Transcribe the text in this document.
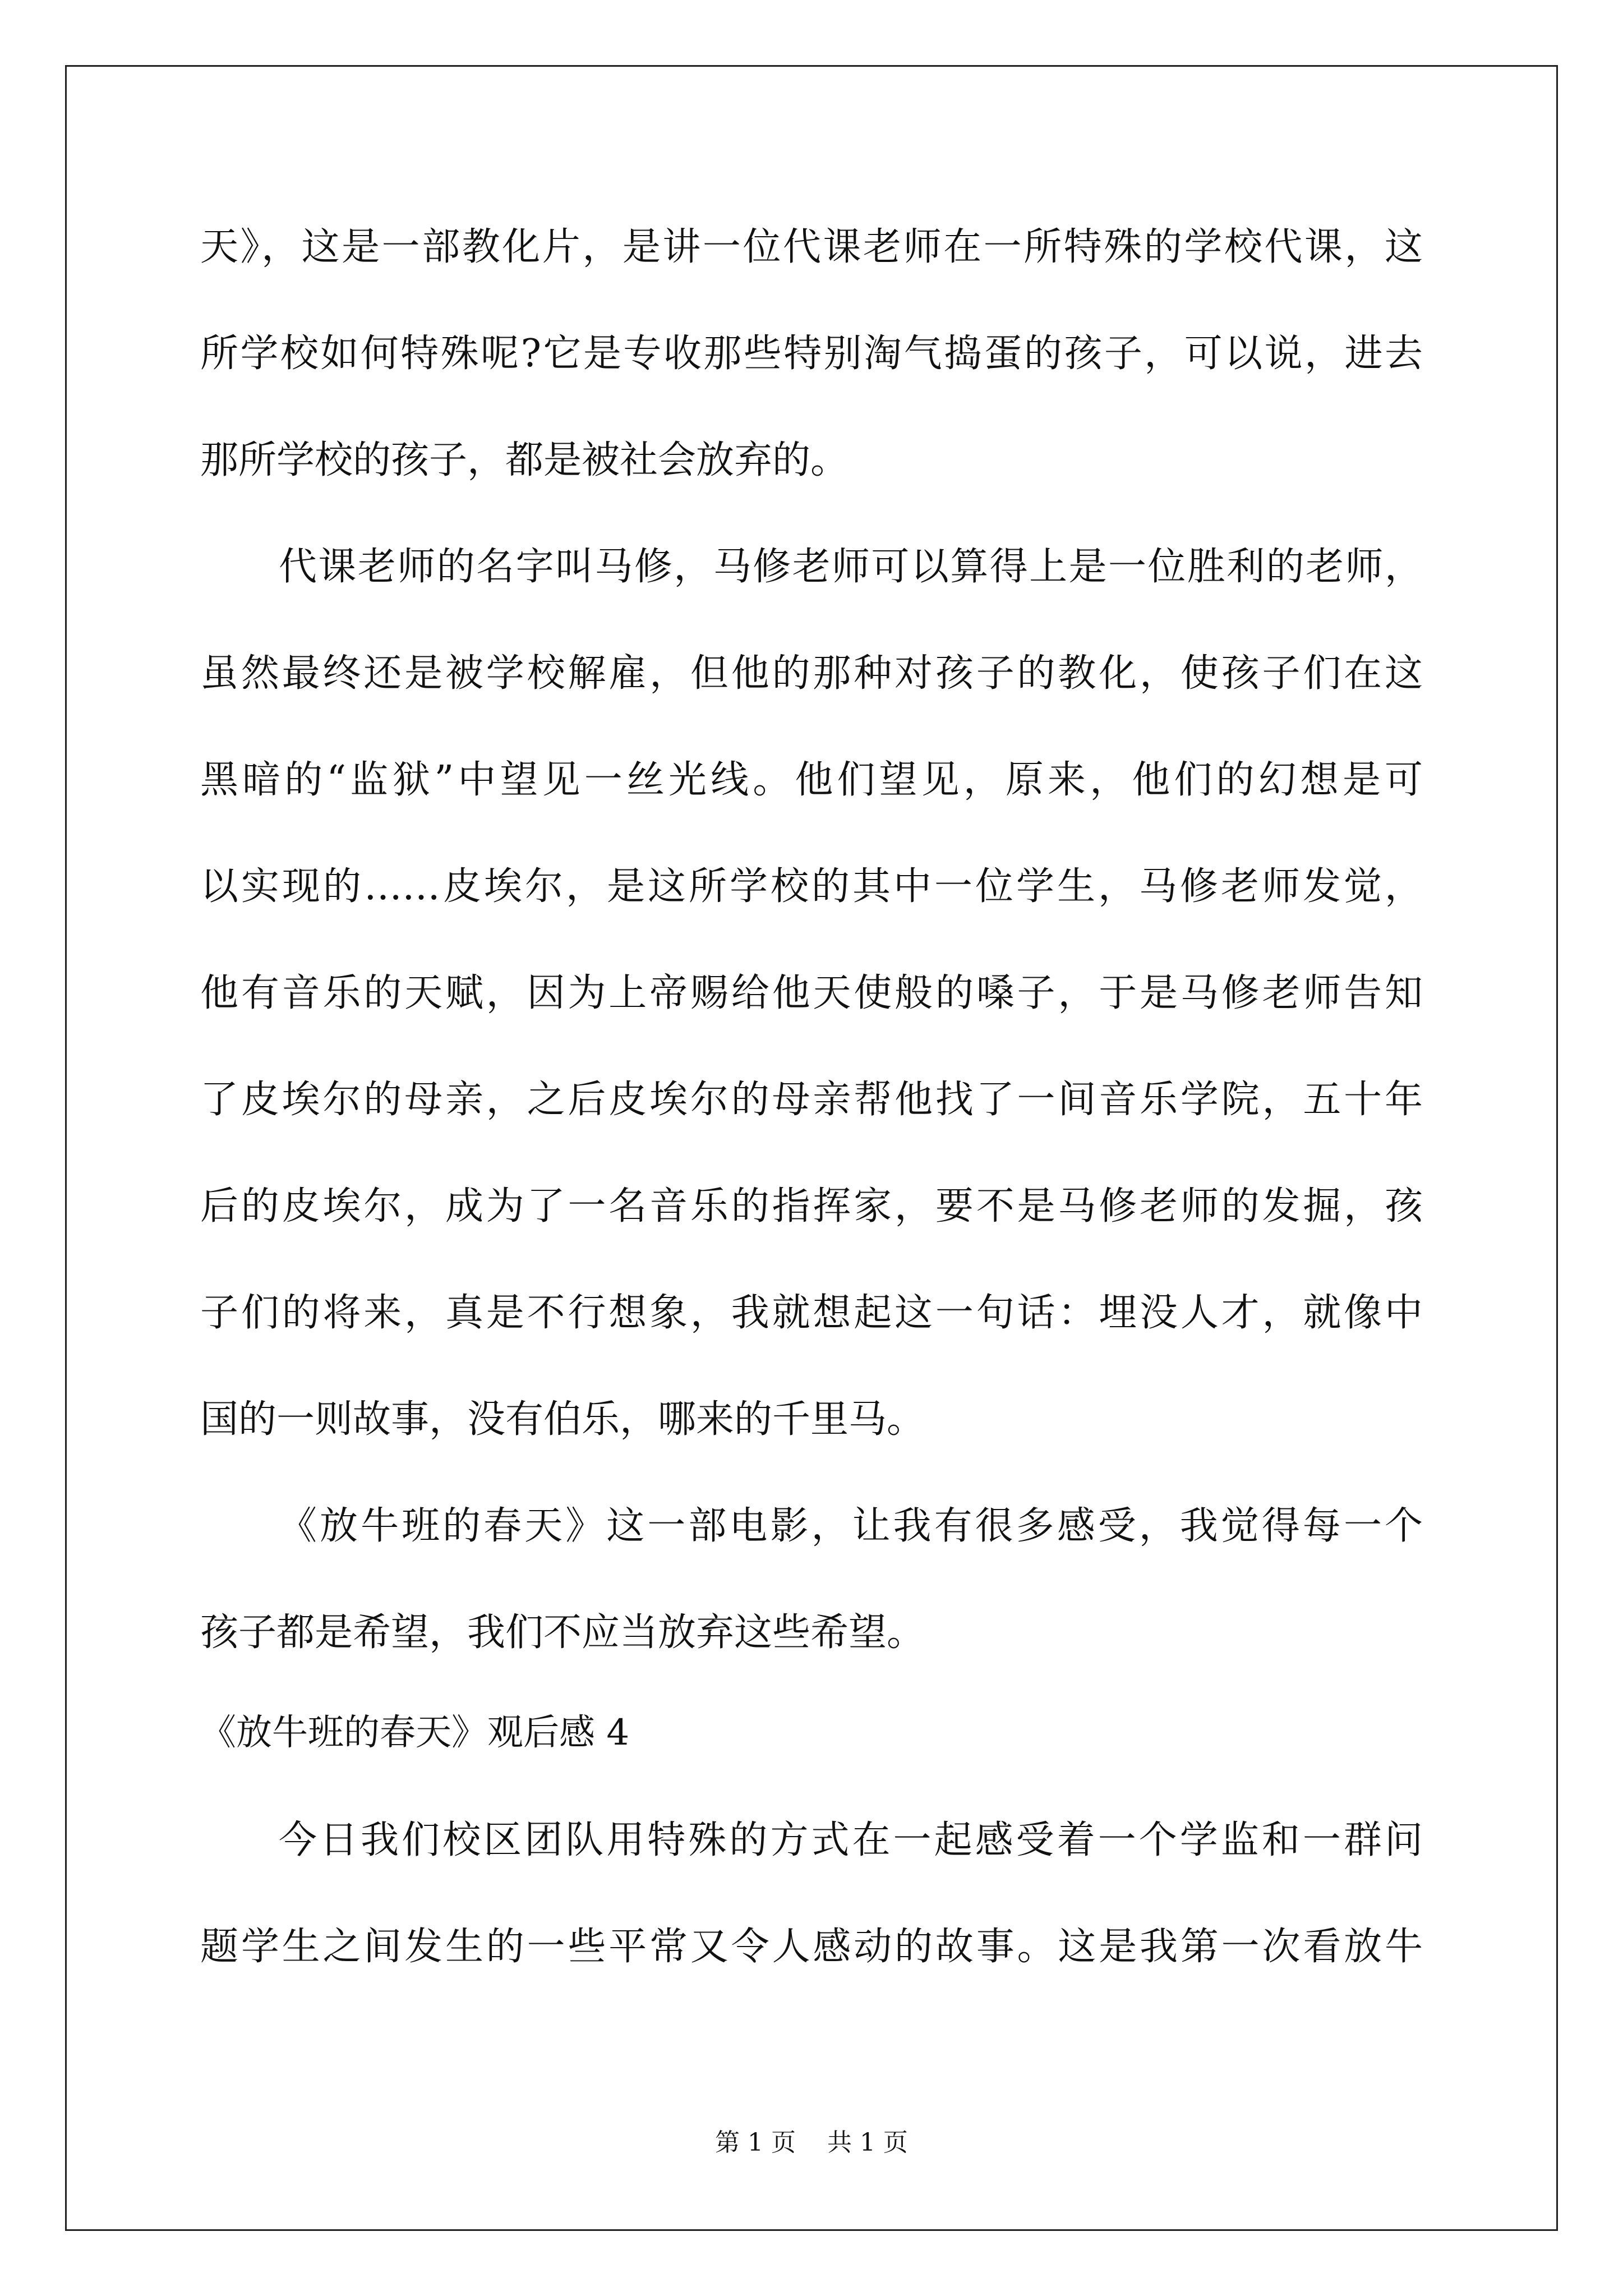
天》，这是一部教化片，是讲一位代课老师在一所特殊的学校代课，这
所学校如何特殊呢?它是专收那些特别淘气捣蛋的孩子，可以说，进去
那所学校的孩子，都是被社会放弃的。
代课老师的名字叫马修，马修老师可以算得上是一位胜利的老师，
虽然最终还是被学校解雇，但他的那种对孩子的教化，使孩子们在这
黑暗的“监狱”中望见一丝光线。他们望见，原来，他们的幻想是可
以实现的……皮埃尔，是这所学校的其中一位学生，马修老师发觉，
他有音乐的天赋，因为上帝赐给他天使般的嗓子，于是马修老师告知
了皮埃尔的母亲，之后皮埃尔的母亲帮他找了一间音乐学院，五十年
后的皮埃尔，成为了一名音乐的指挥家，要不是马修老师的发掘，孩
子们的将来，真是不行想象，我就想起这一句话：埋没人才，就像中
国的一则故事，没有伯乐，哪来的千里马。
《放牛班的春天》这一部电影，让我有很多感受，我觉得每一个
孩子都是希望，我们不应当放弃这些希望。
《放牛班的春天》观后感 4
今日我们校区团队用特殊的方式在一起感受着一个学监和一群问
题学生之间发生的一些平常又令人感动的故事。这是我第一次看放牛
第 1 页    共 1 页
